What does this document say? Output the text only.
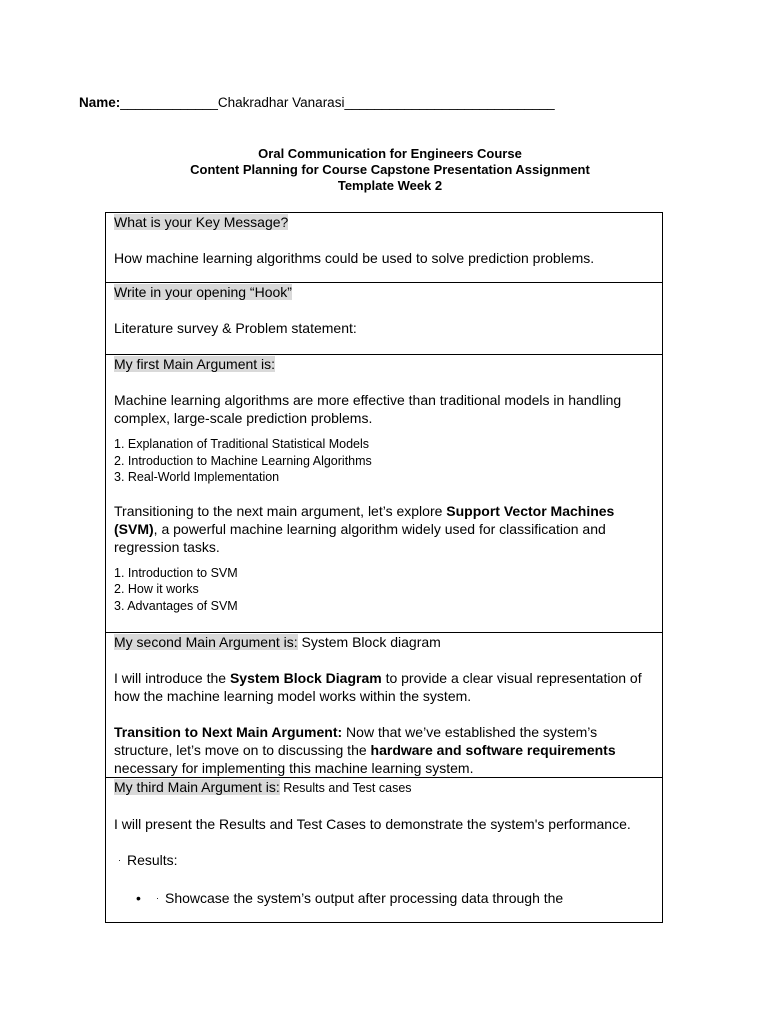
Name:_____________Chakradhar Vanarasi____________________________
Oral Communication for Engineers Course
Content Planning for Course Capstone Presentation Assignment
Template Week 2

What is your Key Message?

How machine learning algorithms could be used to solve prediction problems.

Write in your opening “Hook”

Literature survey & Problem statement:

My first Main Argument is:

Machine learning algorithms are more effective than traditional models in handling complex, large-scale prediction problems.

1. Explanation of Traditional Statistical Models

2. Introduction to Machine Learning Algorithms

3. Real-World Implementation

Transitioning to the next main argument, let’s explore Support Vector Machines (SVM), a powerful machine learning algorithm widely used for classification and regression tasks.

1. Introduction to SVM

2. How it works

3. Advantages of SVM

My second Main Argument is: System Block diagram

I will introduce the System Block Diagram to provide a clear visual representation of how the machine learning model works within the system.

Transition to Next Main Argument: Now that we’ve established the system’s structure, let’s move on to discussing the hardware and software requirements necessary for implementing this machine learning system.

My third Main Argument is: Results and Test cases

I will present the Results and Test Cases to demonstrate the system's performance.

· Results:

•	· Showcase the system’s output after processing data through the
